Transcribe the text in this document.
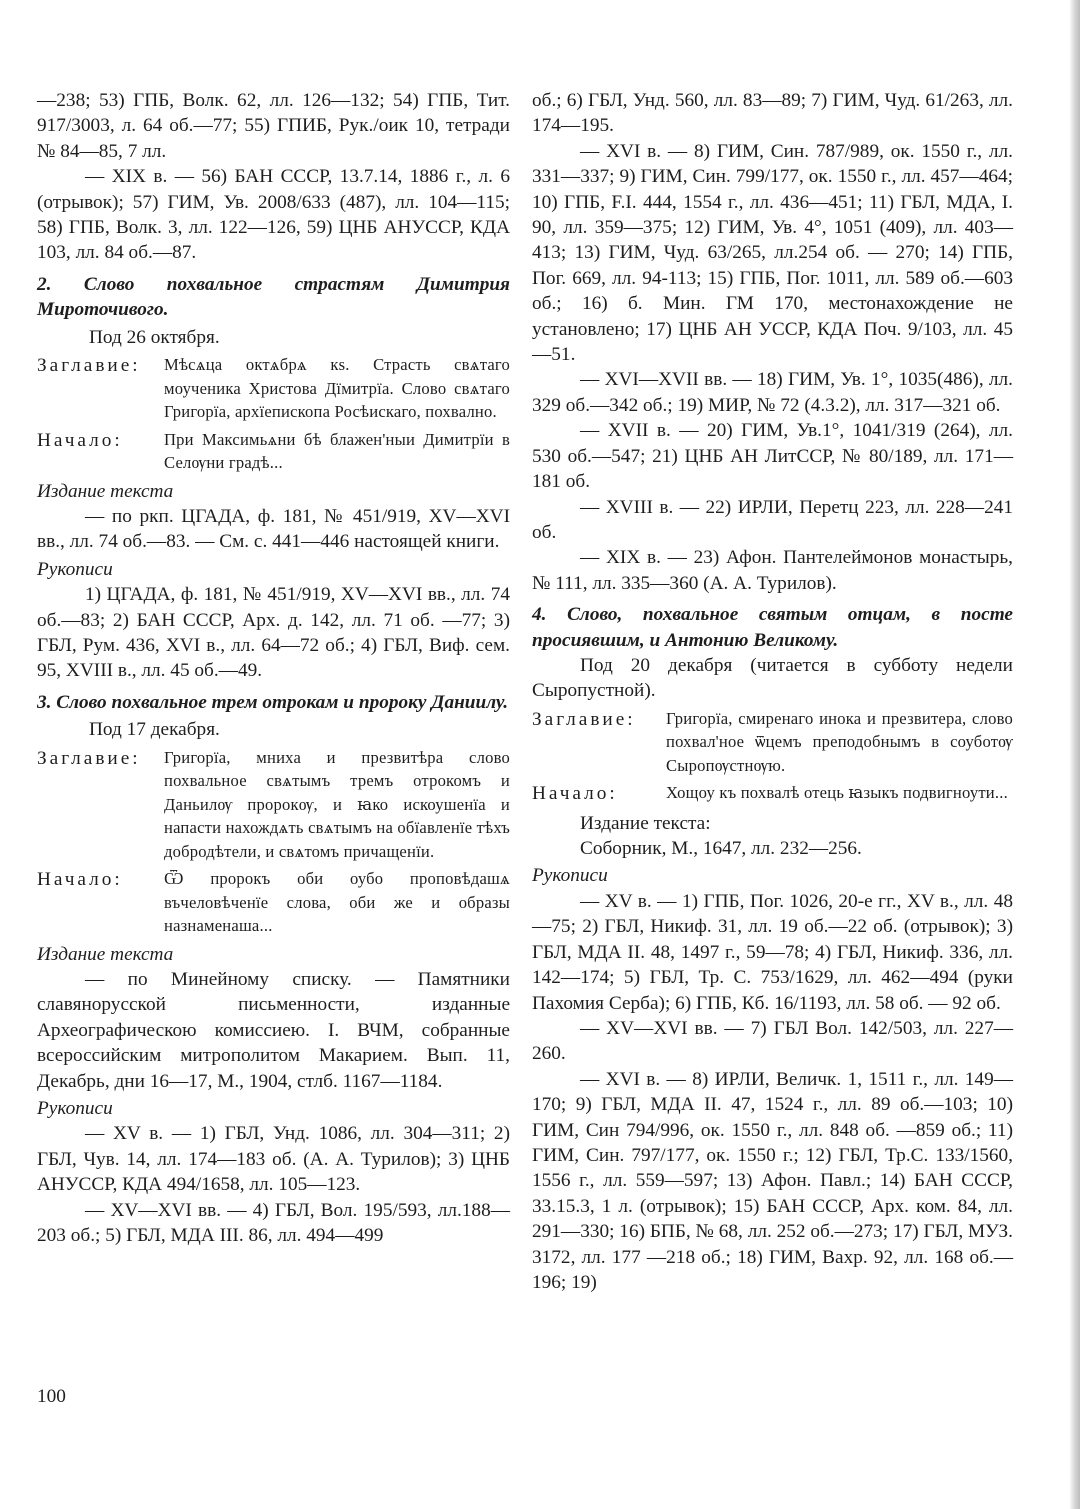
—238; 53) ГПБ, Волк. 62, лл. 126—132; 54) ГПБ, Тит. 917/3003, л. 64 об.—77; 55) ГПИБ, Рук./оик 10, тетради № 84—85, 7 лл.

— XIX в. — 56) БАН СССР, 13.7.14, 1886 г., л. 6 (отрывок); 57) ГИМ, Ув. 2008/633 (487), лл. 104—115; 58) ГПБ, Волк. 3, лл. 122—126, 59) ЦНБ АНУССР, КДА 103, лл. 84 об.—87.

2. Слово похвальное страстям Димитрия Мироточивого.

Под 26 октября.

Заглавие:	Мѣсѧца октѧбрѧ кѕ. Страсть свѧтаго моученика Христова Дїмитрїа. Слово свѧтаго Григорїа, архїепископа Росѣискаго, похвално.
Начало:	При Максимьѧни бѣ блажен'ныи Димитрїи в Селѹни градѣ...

Издание текста

— по ркп. ЦГАДА, ф. 181, № 451/919, XV—XVI вв., лл. 74 об.—83. — См. с. 441—446 настоящей книги.

Рукописи

1) ЦГАДА, ф. 181, № 451/919, XV—XVI вв., лл. 74 об.—83; 2) БАН СССР, Арх. д. 142, лл. 71 об. —77; 3) ГБЛ, Рум. 436, XVI в., лл. 64—72 об.; 4) ГБЛ, Виф. сем. 95, XVIII в., лл. 45 об.—49.

3. Слово похвальное трем отрокам и пророку Даниилу.

Под 17 декабря.

Заглавие:	Григорїа, мниха и презвитѣра слово похвальное свѧтымъ тремъ отрокомъ и Даньилѹ пророкѹ, и ꙗко искоушенїа и напасти нахождѧть свѧтымъ на обїавленїе тѣхъ добродѣтели, и свѧтомъ причащенїи.
Начало:	Ѿ пророкъ оби оубо проповѣдашѧ въчеловѣченїе слова, оби же и образы назнаменаша...

Издание текста

— по Минейному списку. — Памятники славянорусской письменности, изданные Археографическою комиссиею. I. ВЧМ, собранные всероссийским митрополитом Макарием. Вып. 11, Декабрь, дни 16—17, М., 1904, стлб. 1167—1184.

Рукописи

— XV в. — 1) ГБЛ, Унд. 1086, лл. 304—311; 2) ГБЛ, Чув. 14, лл. 174—183 об. (А. А. Турилов); 3) ЦНБ АНУССР, КДА 494/1658, лл. 105—123.

— XV—XVI вв. — 4) ГБЛ, Вол. 195/593, лл.188—203 об.; 5) ГБЛ, МДА III. 86, лл. 494—499

об.; 6) ГБЛ, Унд. 560, лл. 83—89; 7) ГИМ, Чуд. 61/263, лл. 174—195.

— XVI в. — 8) ГИМ, Син. 787/989, ок. 1550 г., лл. 331—337; 9) ГИМ, Син. 799/177, ок. 1550 г., лл. 457—464; 10) ГПБ, F.I. 444, 1554 г., лл. 436—451; 11) ГБЛ, МДА, I. 90, лл. 359—375; 12) ГИМ, Ув. 4°, 1051 (409), лл. 403—413; 13) ГИМ, Чуд. 63/265, лл.254 об. — 270; 14) ГПБ, Пог. 669, лл. 94-113; 15) ГПБ, Пог. 1011, лл. 589 об.—603 об.; 16) б. Мин. ГМ 170, местонахождение не установлено; 17) ЦНБ АН УССР, КДА Поч. 9/103, лл. 45—51.

— XVI—XVII вв. — 18) ГИМ, Ув. 1°, 1035(486), лл. 329 об.—342 об.; 19) МИР, № 72 (4.3.2), лл. 317—321 об.

— XVII в. — 20) ГИМ, Ув.1°, 1041/319 (264), лл. 530 об.—547; 21) ЦНБ АН ЛитССР, № 80/189, лл. 171—181 об.

— XVIII в. — 22) ИРЛИ, Перетц 223, лл. 228—241 об.

— XIX в. — 23) Афон. Пантелеймонов монастырь, № 111, лл. 335—360 (А. А. Турилов).

4. Слово, похвальное святым отцам, в посте просиявшим, и Антонию Великому.

Под 20 декабря (читается в субботу недели Сыропустной).

Заглавие:	Григорїа, смиренаго инока и презвитера, слово похвал'ное ѿцемъ преподобнымъ в соуботѹ Сыропѹстнѹю.
Начало:	Хощоу къ похвалѣ отець ꙗзыкъ подвигноути...

Издание текста:

Соборник, М., 1647, лл. 232—256.

Рукописи

— XV в. — 1) ГПБ, Пог. 1026, 20-е гг., XV в., лл. 48—75; 2) ГБЛ, Никиф. 31, лл. 19 об.—22 об. (отрывок); 3) ГБЛ, МДА II. 48, 1497 г., 59—78; 4) ГБЛ, Никиф. 336, лл. 142—174; 5) ГБЛ, Тр. С. 753/1629, лл. 462—494 (руки Пахомия Серба); 6) ГПБ, Кб. 16/1193, лл. 58 об. — 92 об.

— XV—XVI вв. — 7) ГБЛ Вол. 142/503, лл. 227—260.

— XVI в. — 8) ИРЛИ, Величк. 1, 1511 г., лл. 149—170; 9) ГБЛ, МДА II. 47, 1524 г., лл. 89 об.—103; 10) ГИМ, Син 794/996, ок. 1550 г., лл. 848 об. —859 об.; 11) ГИМ, Син. 797/177, ок. 1550 г.; 12) ГБЛ, Тр.С. 133/1560, 1556 г., лл. 559—597; 13) Афон. Павл.; 14) БАН СССР, 33.15.3, 1 л. (отрывок); 15) БАН СССР, Арх. ком. 84, лл. 291—330; 16) БПБ, № 68, лл. 252 об.—273; 17) ГБЛ, МУЗ. 3172, лл. 177 —218 об.; 18) ГИМ, Вахр. 92, лл. 168 об.—196; 19)

100
